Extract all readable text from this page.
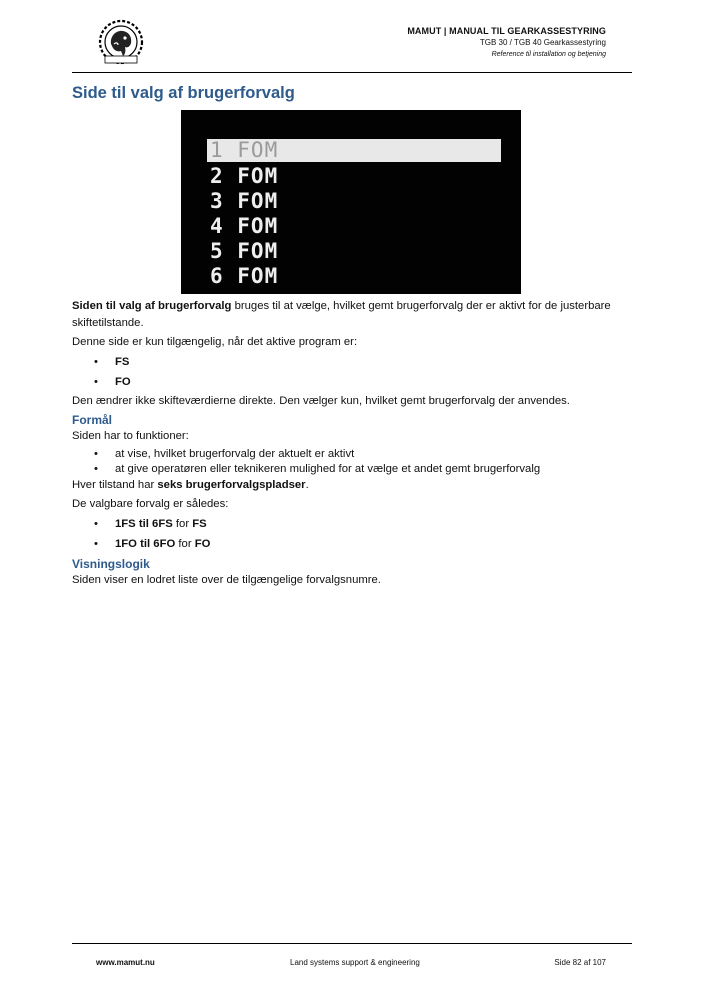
MAMUT | MANUAL TIL GEARKASSESTYRING
TGB 30 / TGB 40 Gearkassestyring
Reference til installation og betjening
Side til valg af brugerforvalg
1 FOM
2 FOM
3 FOM
4 FOM
5 FOM
6 FOM

Siden til valg af brugerforvalg bruges til at vælge, hvilket gemt brugerforvalg der er aktivt for de justerbare skiftetilstande.

Denne side er kun tilgængelig, når det aktive program er:

• FS
• FO

Den ændrer ikke skifteværdierne direkte. Den vælger kun, hvilket gemt brugerforvalg der anvendes.

Formål

Siden har to funktioner:

• at vise, hvilket brugerforvalg der aktuelt er aktivt
• at give operatøren eller teknikeren mulighed for at vælge et andet gemt brugerforvalg

Hver tilstand har seks brugerforvalgspladser.

De valgbare forvalg er således:

• 1FS til 6FS for FS
• 1FO til 6FO for FO
Visningslogik

Siden viser en lodret liste over de tilgængelige forvalgsnumre.

www.mamut.nu	Land systems support & engineering	Side 82 af 107
